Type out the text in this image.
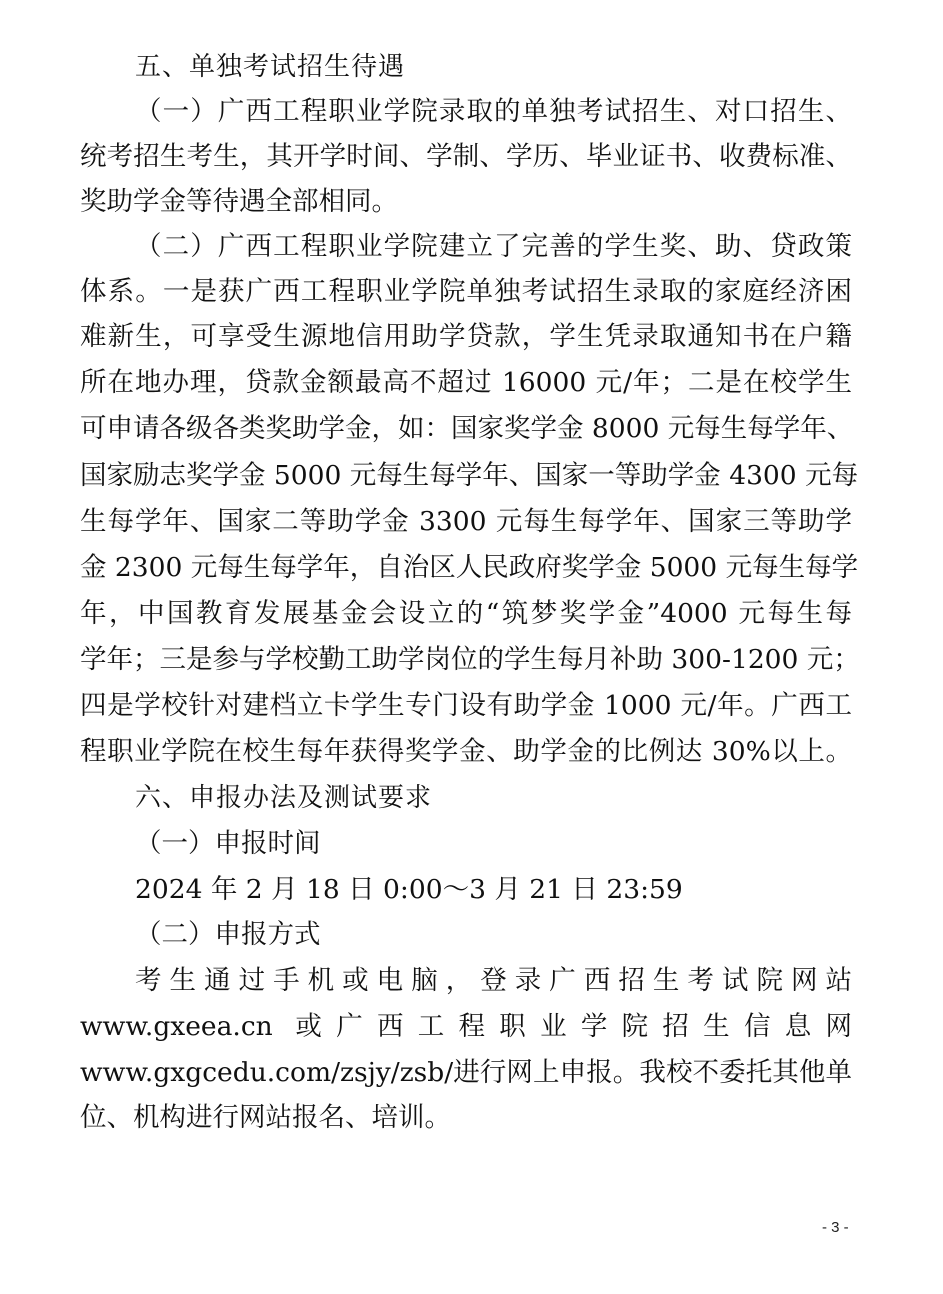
五、单独考试招生待遇
（一）广西工程职业学院录取的单独考试招生、对口招生、
统考招生考生，其开学时间、学制、学历、毕业证书、收费标准、
奖助学金等待遇全部相同。
（二）广西工程职业学院建立了完善的学生奖、助、贷政策
体系。一是获广西工程职业学院单独考试招生录取的家庭经济困
难新生，可享受生源地信用助学贷款，学生凭录取通知书在户籍
所在地办理，贷款金额最高不超过 16000 元/年；二是在校学生
可申请各级各类奖助学金，如：国家奖学金 8000 元每生每学年、
国家励志奖学金 5000 元每生每学年、国家一等助学金 4300 元每
生每学年、国家二等助学金 3300 元每生每学年、国家三等助学
金 2300 元每生每学年，自治区人民政府奖学金 5000 元每生每学
年，中国教育发展基金会设立的“筑梦奖学金”4000 元每生每
学年；三是参与学校勤工助学岗位的学生每月补助 300-1200 元；
四是学校针对建档立卡学生专门设有助学金 1000 元/年。广西工
程职业学院在校生每年获得奖学金、助学金的比例达 30%以上。
六、申报办法及测试要求
（一）申报时间
2024 年 2 月 18 日 0:00～3 月 21 日 23:59
（二）申报方式
考生通过手机或电脑，登录广西招生考试院网站
www.gxeea.cn 或广西工程职业学院招生信息网
www.gxgcedu.com/zsjy/zsb/进行网上申报。我校不委托其他单
位、机构进行网站报名、培训。
- 3 -
